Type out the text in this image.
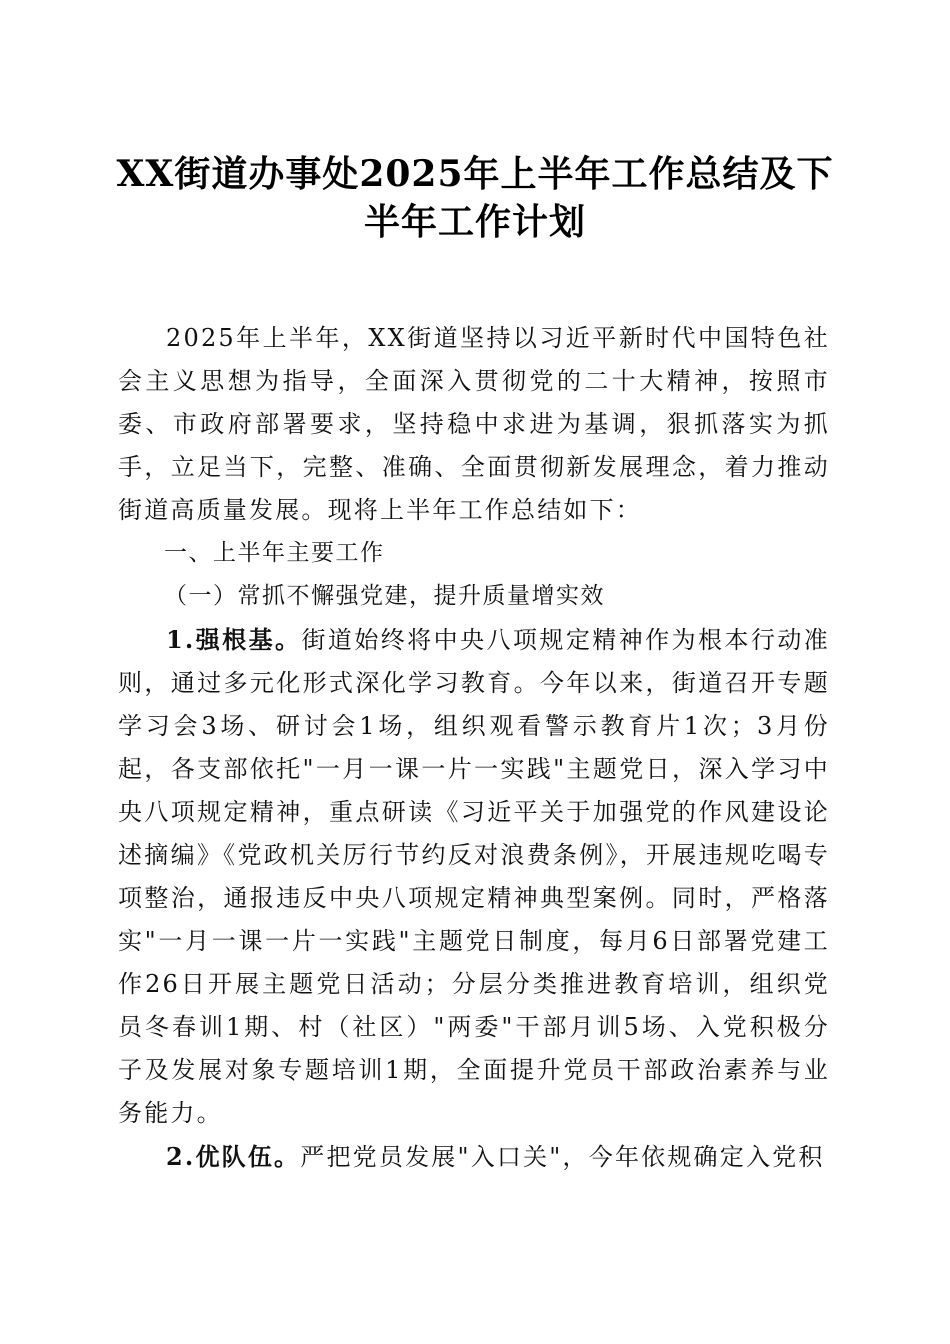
XX街道办事处2025年上半年工作总结及下半年工作计划

2025年上半年，XX街道坚持以习近平新时代中国特色社会主义思想为指导，全面深入贯彻党的二十大精神，按照市委、市政府部署要求，坚持稳中求进为基调，狠抓落实为抓手，立足当下，完整、准确、全面贯彻新发展理念，着力推动街道高质量发展。现将上半年工作总结如下：

一、上半年主要工作

（一）常抓不懈强党建，提升质量增实效

1.强根基。街道始终将中央八项规定精神作为根本行动准则，通过多元化形式深化学习教育。今年以来，街道召开专题学习会3场、研讨会1场，组织观看警示教育片1次；3月份起，各支部依托"一月一课一片一实践"主题党日，深入学习中央八项规定精神，重点研读《习近平关于加强党的作风建设论述摘编》《党政机关厉行节约反对浪费条例》，开展违规吃喝专项整治，通报违反中央八项规定精神典型案例。同时，严格落实"一月一课一片一实践"主题党日制度，每月6日部署党建工作26日开展主题党日活动；分层分类推进教育培训，组织党员冬春训1期、村（社区）"两委"干部月训5场、入党积极分子及发展对象专题培训1期，全面提升党员干部政治素养与业务能力。

2.优队伍。严把党员发展"入口关"，今年依规确定入党积
